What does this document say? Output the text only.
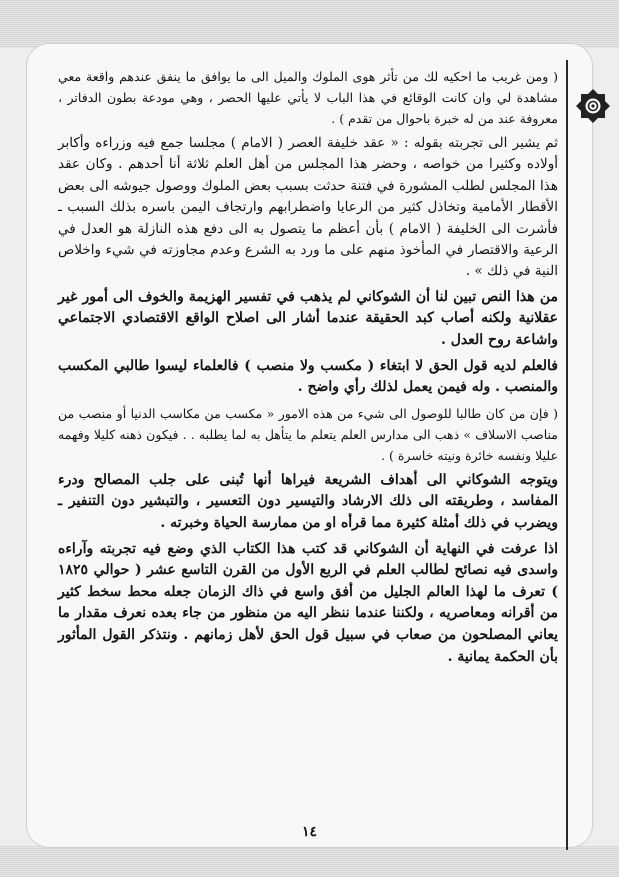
( ومن غريب ما احكيه لك من تأثر هوى الملوك والميل الى ما يوافق ما ينفق عندهم واقعة معي مشاهدة لي وان كانت الوقائع في هذا الباب لا يأتي عليها الحصر ، وهي مودعة بطون الدفاتر ، معروفة عند من له خبرة باحوال من تقدم ) .

ثم يشير الى تجربته بقوله : « عقد خليفة العصر ( الامام ) مجلسا جمع فيه وزراءه وأكابر أولاده وكثيرا من خواصه ، وحضر هذا المجلس من أهل العلم ثلاثة أنا أحدهم . وكان عقد هذا المجلس لطلب المشورة في فتنة حدثت بسبب بعض الملوك ووصول جيوشه الى بعض الأقطار الأمامية وتخاذل كثير من الرعايا واضطرابهم وارتجاف اليمن باسره بذلك السبب ـ فأشرت الى الخليفة ( الامام ) بأن أعظم ما يتصول به الى دفع هذه النازلة هو العدل في الرعية والاقتصار في المأخوذ منهم على ما ورد به الشرع وعدم مجاوزته في شيء واخلاص النية في ذلك » .

من هذا النص تبين لنا أن الشوكاني لم يذهب في تفسير الهزيمة والخوف الى أمور غير عقلانية ولكنه أصاب كبد الحقيقة عندما أشار الى اصلاح الواقع الاقتصادي الاجتماعي واشاعة روح العدل .

فالعلم لديه قول الحق لا ابتغاء ( مكسب ولا منصب ) فالعلماء ليسوا طالبي المكسب والمنصب . وله فيمن يعمل لذلك رأي واضح .

( فإن من كان طالبا للوصول الى شيء من هذه الامور « مكسب من مكاسب الدنيا أو منصب من مناصب الاسلاف » ذهب الى مدارس العلم يتعلم ما يتأهل به لما يطلبه . . فيكون ذهنه كليلا وفهمه عليلا ونفسه خائرة ونيته خاسرة ) .

ويتوجه الشوكاني الى أهداف الشريعة فيراها أنها تُبنى على جلب المصالح ودرء المفاسد ، وطريقته الى ذلك الارشاد والتيسير دون التعسير ، والتبشير دون التنفير ـ ويضرب في ذلك أمثلة كثيرة مما قرأه او من ممارسة الحياة وخبرته .

اذا عرفت في النهاية أن الشوكاني قد كتب هذا الكتاب الذي وضع فيه تجربته وآراءه واسدى فيه نصائح لطالب العلم في الربع الأول من القرن التاسع عشر ( حوالي ١٨٢٥ ) تعرف ما لهذا العالم الجليل من أفق واسع في ذاك الزمان جعله محط سخط كثير من أقرانه ومعاصريه ، ولكننا عندما ننظر اليه من منظور من جاء بعده نعرف مقدار ما يعاني المصلحون من صعاب في سبيل قول الحق لأهل زمانهم . ونتذكر القول المأثور بأن الحكمة يمانية .

١٤
